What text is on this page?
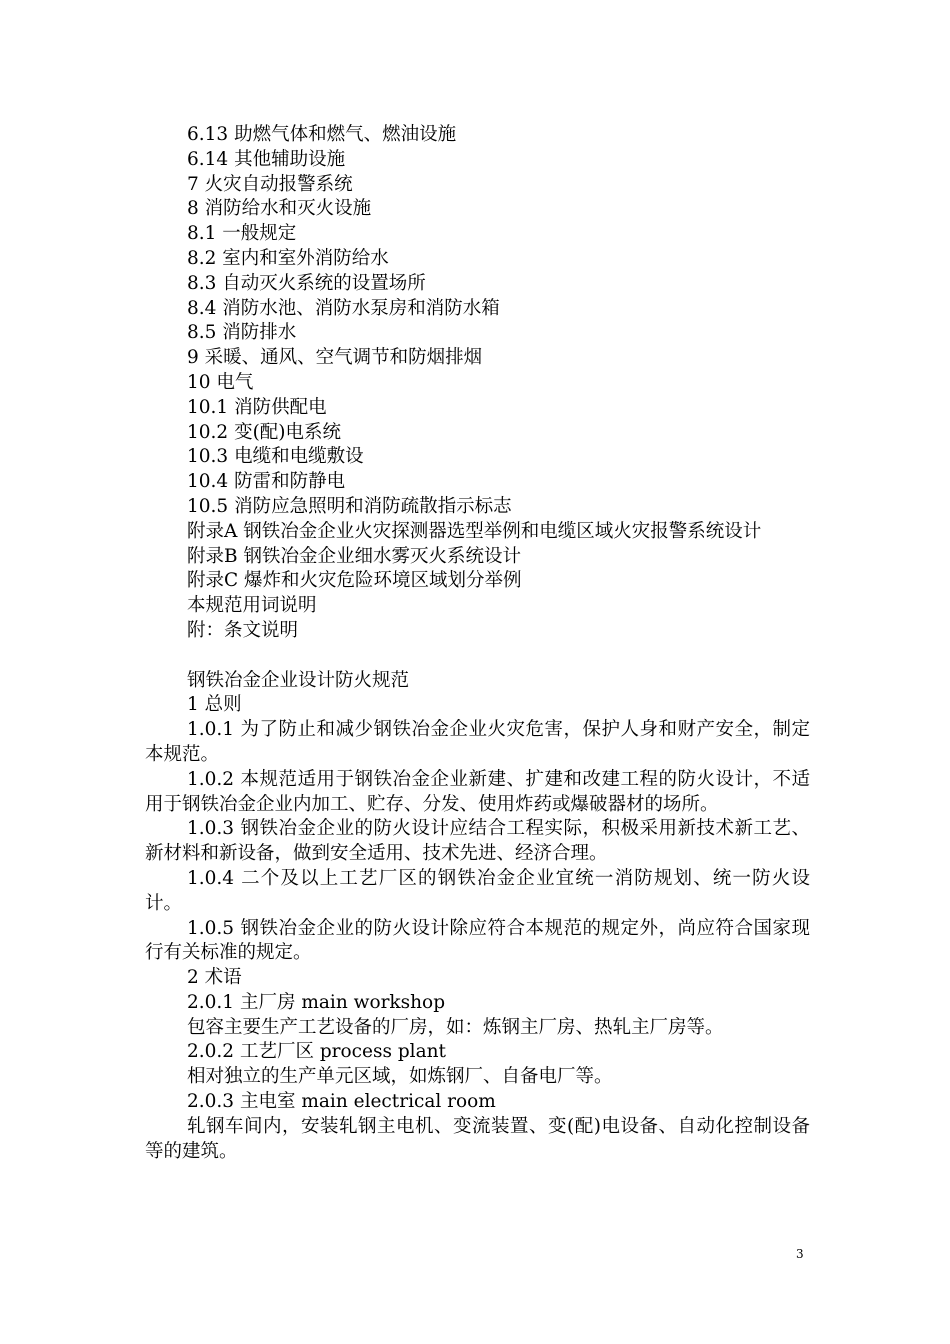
6.13 助燃气体和燃气、燃油设施
6.14 其他辅助设施
7 火灾自动报警系统
8 消防给水和灭火设施
8.1 一般规定
8.2 室内和室外消防给水
8.3 自动灭火系统的设置场所
8.4 消防水池、消防水泵房和消防水箱
8.5 消防排水
9 采暖、通风、空气调节和防烟排烟
10 电气
10.1 消防供配电
10.2 变(配)电系统
10.3 电缆和电缆敷设
10.4 防雷和防静电
10.5 消防应急照明和消防疏散指示标志
附录A 钢铁冶金企业火灾探测器选型举例和电缆区域火灾报警系统设计
附录B 钢铁冶金企业细水雾灭火系统设计
附录C 爆炸和火灾危险环境区域划分举例
本规范用词说明
附：条文说明
钢铁冶金企业设计防火规范
1 总则
1.0.1 为了防止和减少钢铁冶金企业火灾危害，保护人身和财产安全，制定本规范。
1.0.2 本规范适用于钢铁冶金企业新建、扩建和改建工程的防火设计，不适用于钢铁冶金企业内加工、贮存、分发、使用炸药或爆破器材的场所。
1.0.3 钢铁冶金企业的防火设计应结合工程实际，积极采用新技术新工艺、新材料和新设备，做到安全适用、技术先进、经济合理。
1.0.4 二个及以上工艺厂区的钢铁冶金企业宜统一消防规划、统一防火设计。
1.0.5 钢铁冶金企业的防火设计除应符合本规范的规定外，尚应符合国家现行有关标准的规定。
2 术语
2.0.1 主厂房 main workshop
包容主要生产工艺设备的厂房，如：炼钢主厂房、热轧主厂房等。
2.0.2 工艺厂区 process plant
相对独立的生产单元区域，如炼钢厂、自备电厂等。
2.0.3 主电室 main electrical room
轧钢车间内，安装轧钢主电机、变流装置、变(配)电设备、自动化控制设备等的建筑。
3
